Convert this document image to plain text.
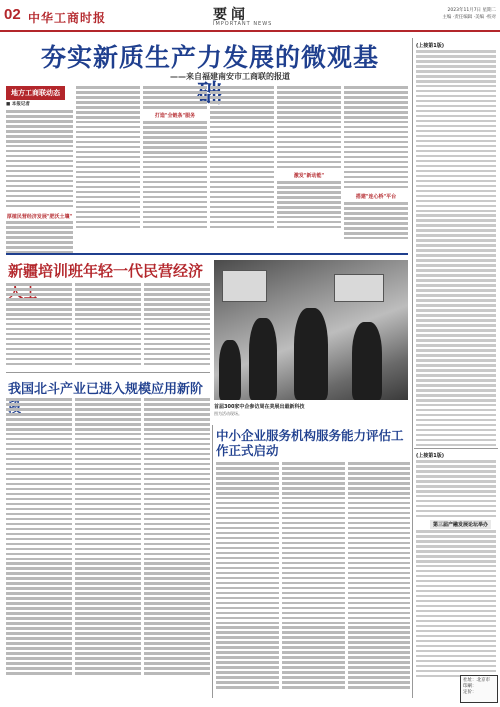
02 中华工商时报	要闻
IMPORTANT NEWS
2023年11月7日 星期二
主编 ·责任编辑 ·美编 ·校对
夯实新质生产力发展的微观基
——来自福建南安市工商联的报道
地方工商联动态
■ 本报记者
厚植民营经济发展"肥沃土壤"
打造"全链条"服务
激发"新动能"
搭建"连心桥"平台
新疆培训班年轻一代民营经济
首届300家中企参访周在美展出最新科技
图为活动现场。
我国北斗产业已进入规模应用新阶
中小企业服务机构服务能力评估工作正式启动
(上接第1版)
(上接第1版)
第三届产融发展论坛举办
社址：北京市
印刷：
定价：
